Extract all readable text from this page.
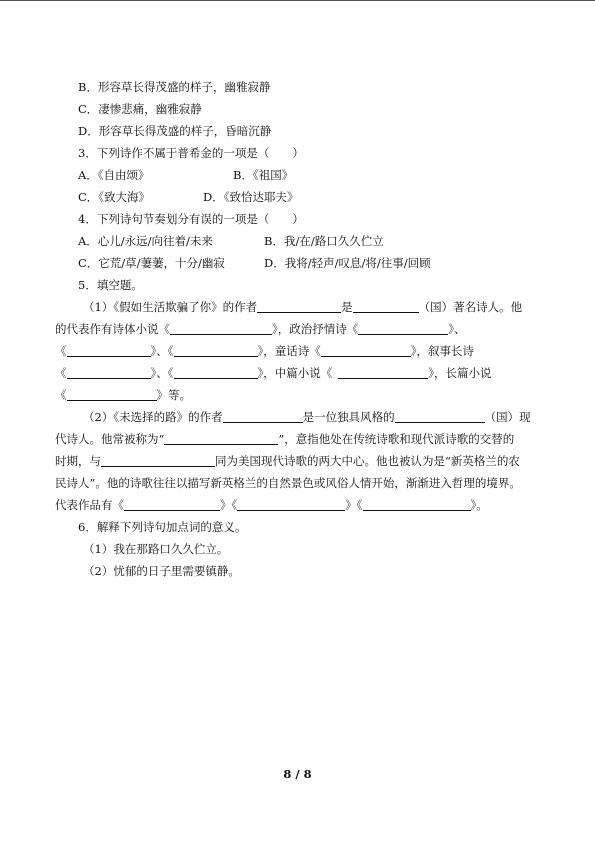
B．形容草长得茂盛的样子，幽雅寂静
C．凄惨悲痛，幽雅寂静
D．形容草长得茂盛的样子，昏暗沉静
3．下列诗作不属于普希金的一项是（　　）
A．《自由颂》	B．《祖国》
C．《致大海》	D．《致恰达耶夫》
4．下列诗句节奏划分有误的一项是（　　）
A．心儿/永远/向往着/未来	B．我/在/路口久久伫立
C．它荒/草/萋萋，十分/幽寂	D．我将/轻声/叹息/将/往事/回顾
5．填空题。
（1）《假如生活欺骗了你》的作者	是	（国）著名诗人。他
的代表作有诗体小说《	》，政治抒情诗《	》、
《	》、《	》，童话诗《	》，叙事长诗
《	》、《	》，中篇小说《	》，长篇小说
《	》等。
（2）《未选择的路》的作者	是一位独具风格的	（国）现
代诗人。他常被称为“	”，意指他处在传统诗歌和现代派诗歌的交替的
时期，与	同为美国现代诗歌的两大中心。他也被认为是“新英格兰的农
民诗人”。他的诗歌往往以描写新英格兰的自然景色或风俗人情开始，渐渐进入哲理的境界。
代表作品有《	》《	》《	》。
6．解释下列诗句加点词的意义。
（1）我在那路口久久伫立。
（2）忧郁的日子里需要镇静。
8 / 8
